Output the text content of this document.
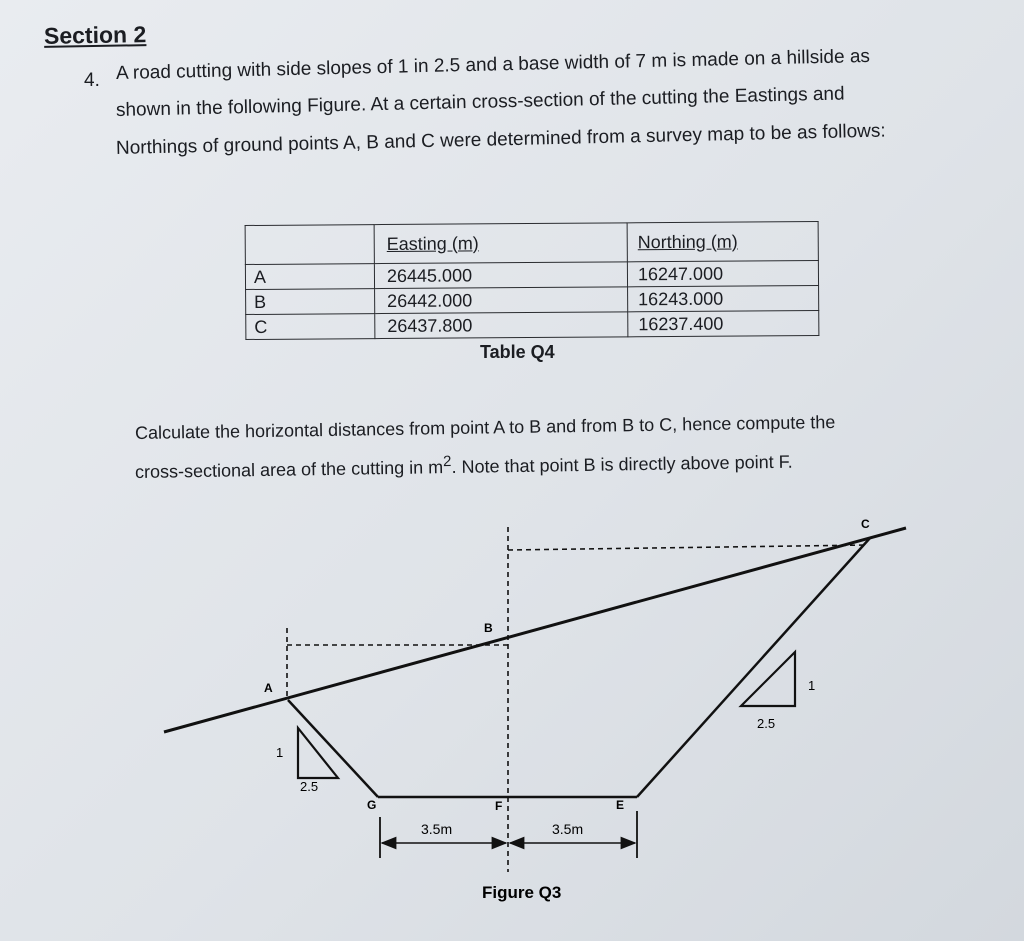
Section 2
4. A road cutting with side slopes of 1 in 2.5 and a base width of 7 m is made on a hillside as
shown in the following Figure. At a certain cross-section of the cutting the Eastings and
Northings of ground points A, B and C were determined from a survey map to be as follows:
	Easting (m)	Northing (m)
A	26445.000	16247.000
B	26442.000	16243.000
C	26437.800	16237.400
Table Q4
Calculate the horizontal distances from point A to B and from B to C, hence compute the
cross-sectional area of the cutting in $m^2$. Note that point B is directly above point F.
A
B
C
G	F	E
1
2.5
1
2.5
3.5m	3.5m
Figure Q3
